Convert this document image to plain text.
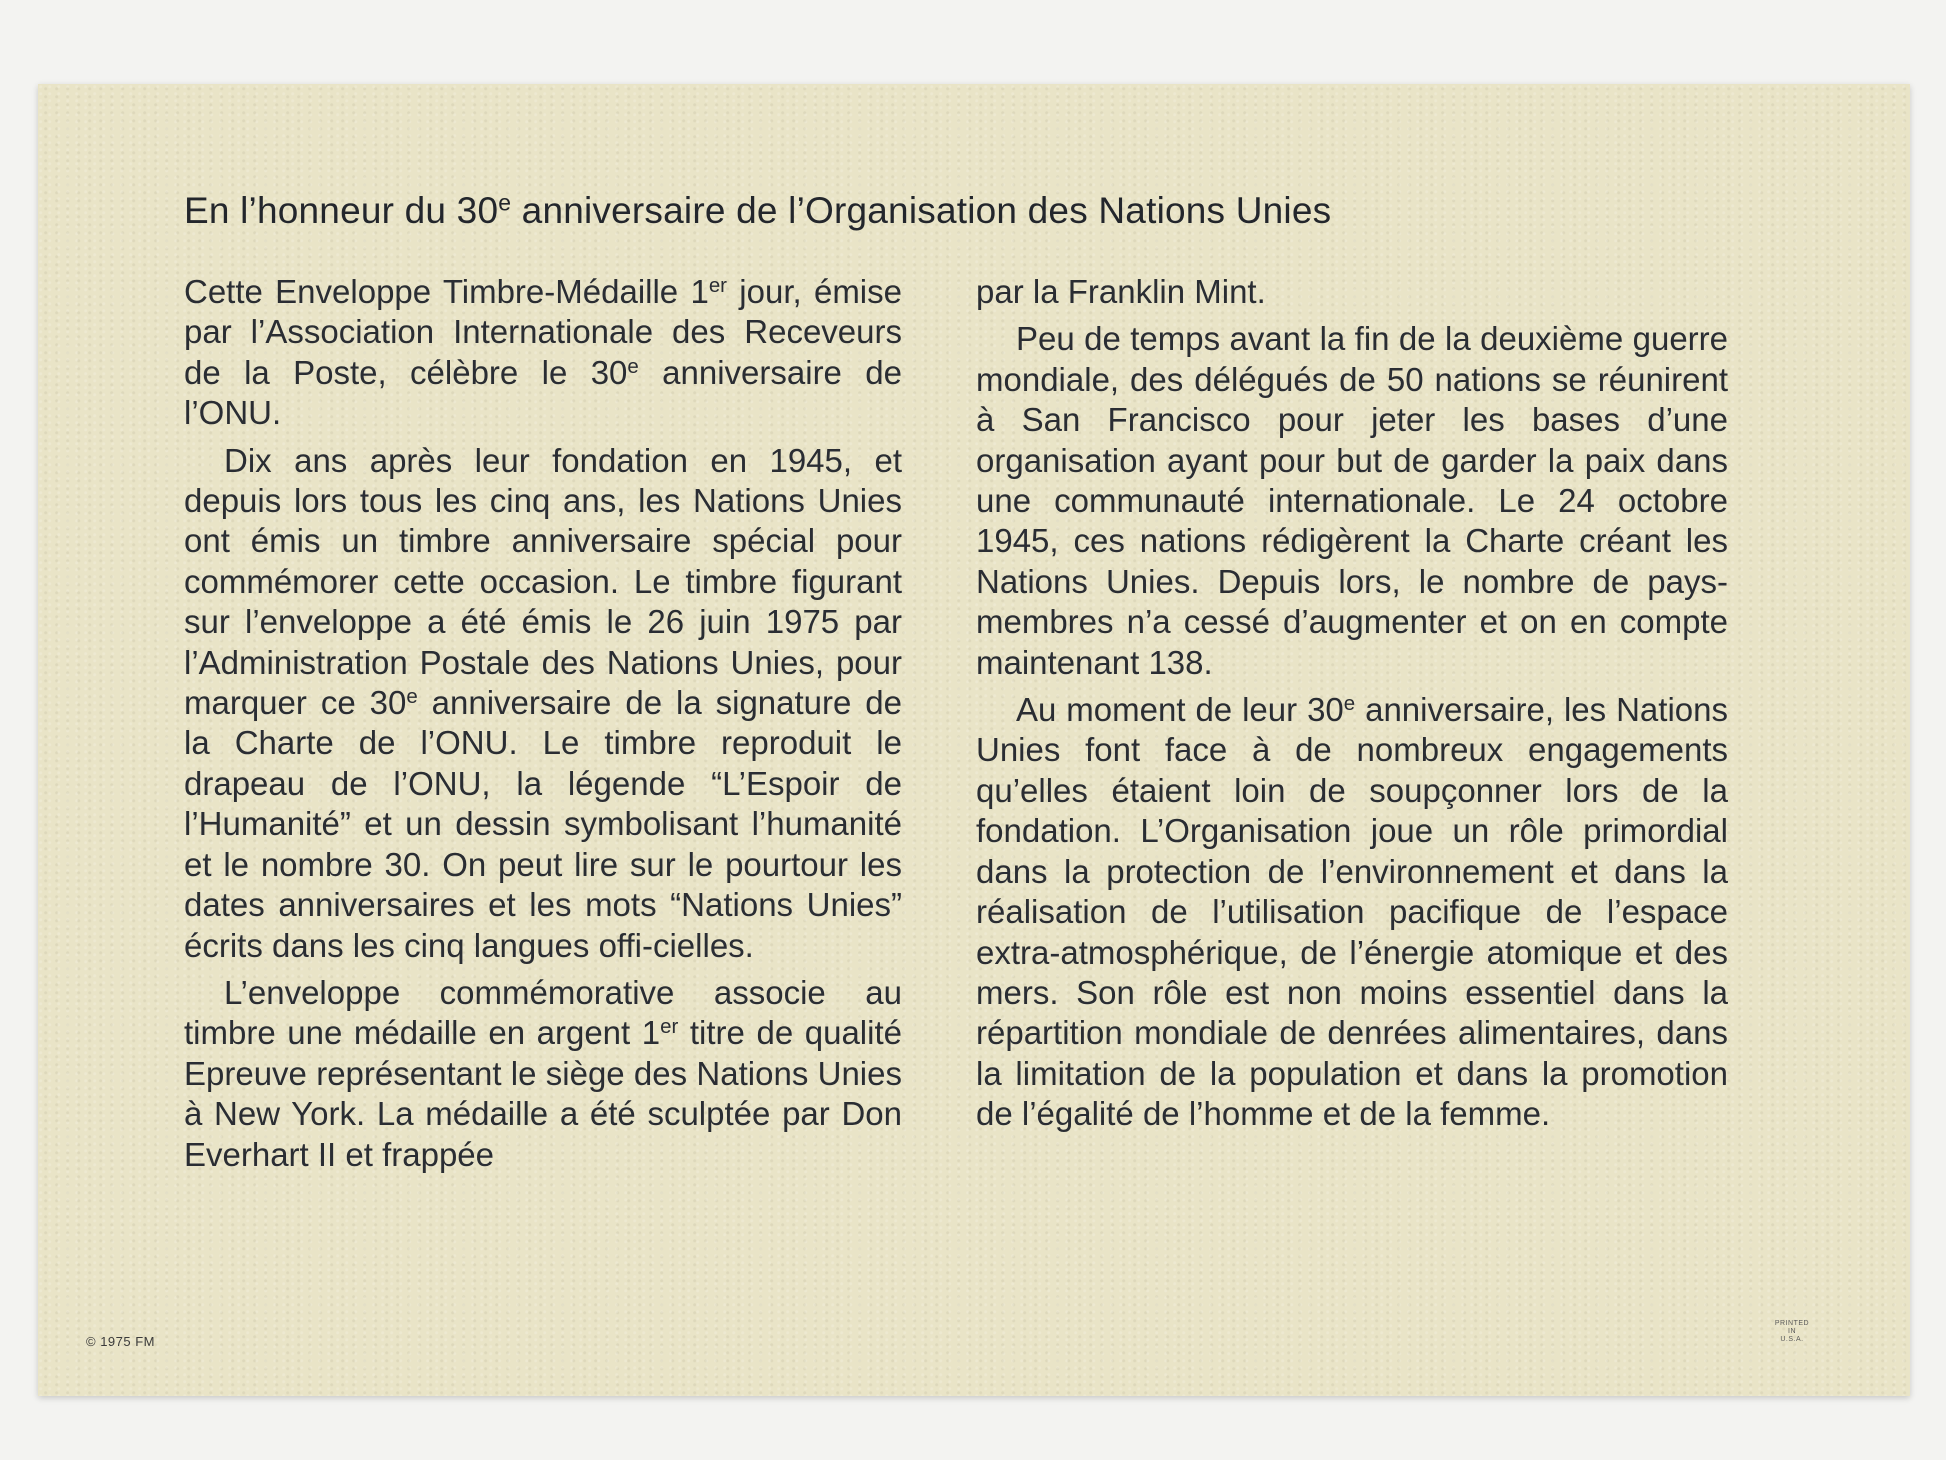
En l’honneur du 30e anniversaire de l’Organisation des Nations Unies

Cette Enveloppe Timbre-Médaille 1er jour, émise par l’Association Internationale des Receveurs de la Poste, célèbre le 30e anniversaire de l’ONU.

Dix ans après leur fondation en 1945, et depuis lors tous les cinq ans, les Nations Unies ont émis un timbre anniversaire spécial pour commémorer cette occasion. Le timbre figurant sur l’enveloppe a été émis le 26 juin 1975 par l’Administration Postale des Nations Unies, pour marquer ce 30e anniversaire de la signature de la Charte de l’ONU. Le timbre reproduit le drapeau de l’ONU, la légende “L’Espoir de l’Humanité” et un dessin symbolisant l’humanité et le nombre 30. On peut lire sur le pourtour les dates anniversaires et les mots “Nations Unies” écrits dans les cinq langues offi-cielles.

L’enveloppe commémorative associe au timbre une médaille en argent 1er titre de qualité Epreuve représentant le siège des Nations Unies à New York. La médaille a été sculptée par Don Everhart II et frappée

par la Franklin Mint.

Peu de temps avant la fin de la deuxième guerre mondiale, des délégués de 50 nations se réunirent à San Francisco pour jeter les bases d’une organisation ayant pour but de garder la paix dans une communauté internationale. Le 24 octobre 1945, ces nations rédigèrent la Charte créant les Nations Unies. Depuis lors, le nombre de pays-membres n’a cessé d’augmenter et on en compte maintenant 138.

Au moment de leur 30e anniversaire, les Nations Unies font face à de nombreux engagements qu’elles étaient loin de soupçonner lors de la fondation. L’Organisation joue un rôle primordial dans la protection de l’environnement et dans la réalisation de l’utilisation pacifique de l’espace extra-atmosphérique, de l’énergie atomique et des mers. Son rôle est non moins essentiel dans la répartition mondiale de denrées alimentaires, dans la limitation de la population et dans la promotion de l’égalité de l’homme et de la femme.

© 1975 FM
PRINTED
IN
U.S.A.
